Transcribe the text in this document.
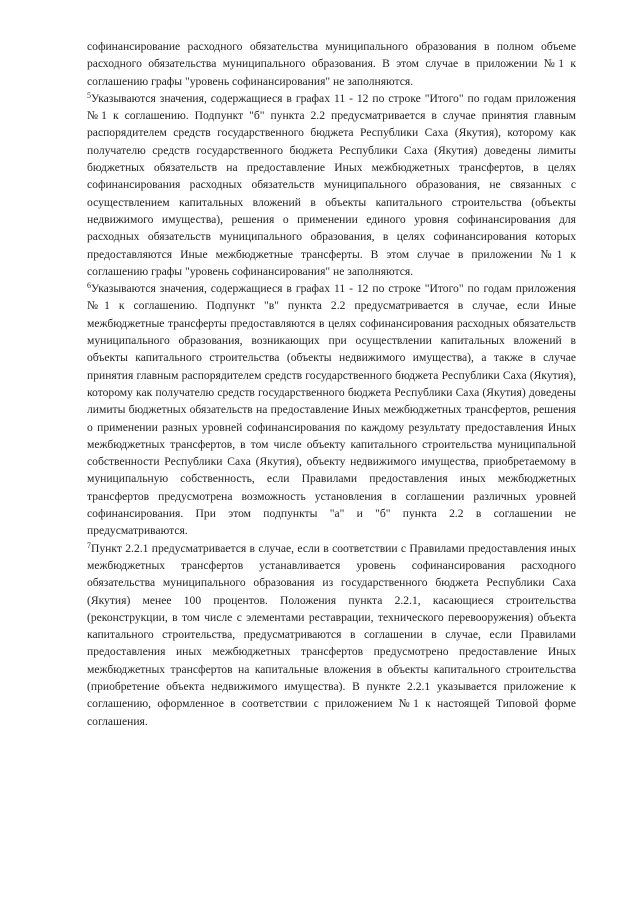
софинансирование расходного обязательства муниципального образования в полном объеме расходного обязательства муниципального образования. В этом случае в приложении №1 к соглашению графы "уровень софинансирования" не заполняются.

$^5$Указываются значения, содержащиеся в графах 11 - 12 по строке "Итого" по годам приложения №1 к соглашению. Подпункт "б" пункта 2.2 предусматривается в случае принятия главным распорядителем средств государственного бюджета Республики Саха (Якутия), которому как получателю средств государственного бюджета Республики Саха (Якутия) доведены лимиты бюджетных обязательств на предоставление Иных межбюджетных трансфертов, в целях софинансирования расходных обязательств муниципального образования, не связанных с осуществлением капитальных вложений в объекты капитального строительства (объекты недвижимого имущества), решения о применении единого уровня софинансирования для расходных обязательств муниципального образования, в целях софинансирования которых предоставляются Иные межбюджетные трансферты. В этом случае в приложении №1 к соглашению графы "уровень софинансирования" не заполняются.

$^6$Указываются значения, содержащиеся в графах 11 - 12 по строке "Итого" по годам приложения №1 к соглашению. Подпункт "в" пункта 2.2 предусматривается в случае, если Иные межбюджетные трансферты предоставляются в целях софинансирования расходных обязательств муниципального образования, возникающих при осуществлении капитальных вложений в объекты капитального строительства (объекты недвижимого имущества), а также в случае принятия главным распорядителем средств государственного бюджета Республики Саха (Якутия), которому как получателю средств государственного бюджета Республики Саха (Якутия) доведены лимиты бюджетных обязательств на предоставление Иных межбюджетных трансфертов, решения о применении разных уровней софинансирования по каждому результату предоставления Иных межбюджетных трансфертов, в том числе объекту капитального строительства муниципальной собственности Республики Саха (Якутия), объекту недвижимого имущества, приобретаемому в муниципальную собственность, если Правилами предоставления иных межбюджетных трансфертов предусмотрена возможность установления в соглашении различных уровней софинансирования. При этом подпункты "а" и "б" пункта 2.2 в соглашении не предусматриваются.

$^7$Пункт 2.2.1 предусматривается в случае, если в соответствии с Правилами предоставления иных межбюджетных трансфертов устанавливается уровень софинансирования расходного обязательства муниципального образования из государственного бюджета Республики Саха (Якутия) менее 100 процентов. Положения пункта 2.2.1, касающиеся строительства (реконструкции, в том числе с элементами реставрации, технического перевооружения) объекта капитального строительства, предусматриваются в соглашении в случае, если Правилами предоставления иных межбюджетных трансфертов предусмотрено предоставление Иных межбюджетных трансфертов на капитальные вложения в объекты капитального строительства (приобретение объекта недвижимого имущества). В пункте 2.2.1 указывается приложение к соглашению, оформленное в соответствии с приложением №1 к настоящей Типовой форме соглашения.
